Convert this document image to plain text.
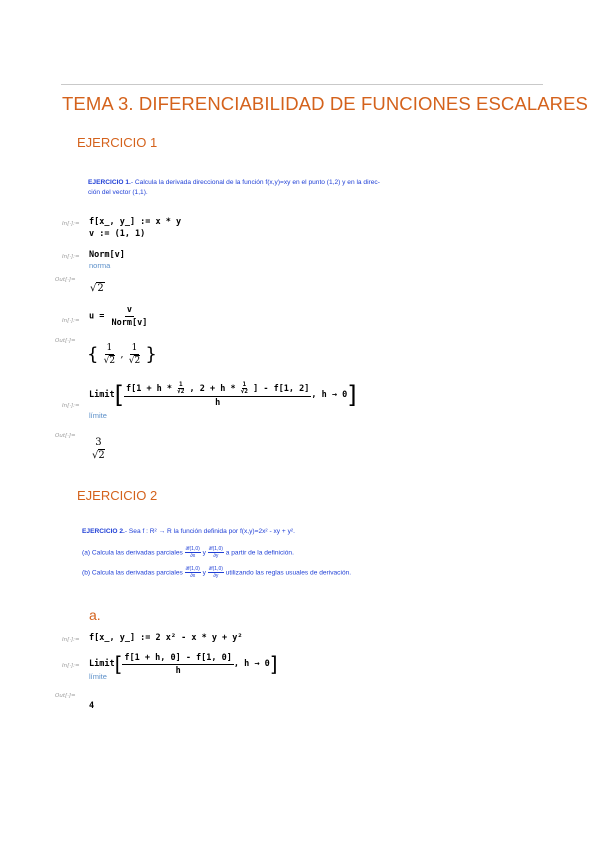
TEMA 3. DIFERENCIABILIDAD DE FUNCIONES ESCALARES
EJERCICIO 1
EJERCICIO 1.- Calcula la derivada direccional de la función f(x,y)=xy en el punto (1,2) y en la direc-
ción del vector (1,1).
In[·]:= f[x_, y_] := x * y
v := (1, 1)
In[·]:= Norm[v]
norma
Out[·]=
√2
In[·]:= $u = \frac{v}{\text{Norm[v]}}$
Out[·]=
{ $\frac{1}{√2}$ , $\frac{1}{√2}$ }
In[·]:=
Limit[ $f[1 + h * \frac{1}{√2}$ , $2 + h * \frac{1}{√2}$ ] - f[1, 2]
h
, h → 0]
límite
Out[·]=
3
√2
EJERCICIO 2
EJERCICIO 2.- Sea f : R² → R la función definida por f(x,y)=2x² - xy + y².
(a) Calcula las derivadas parciales $\frac{\partial f(1,0)}{\partial x}$ y $\frac{\partial f(1,0)}{\partial y}$ a partir de la definición.
(b) Calcula las derivadas parciales $\frac{\partial f(1,0)}{\partial x}$ y $\frac{\partial f(1,0)}{\partial y}$ utilizando las reglas usuales de derivación.
a.
In[·]:= f[x_, y_] := 2 x² - x * y + y²
In[·]:= Limit[ $\frac{f[1 + h, 0] - f[1, 0]}{h}$ , h → 0]
límite
Out[·]=
4
